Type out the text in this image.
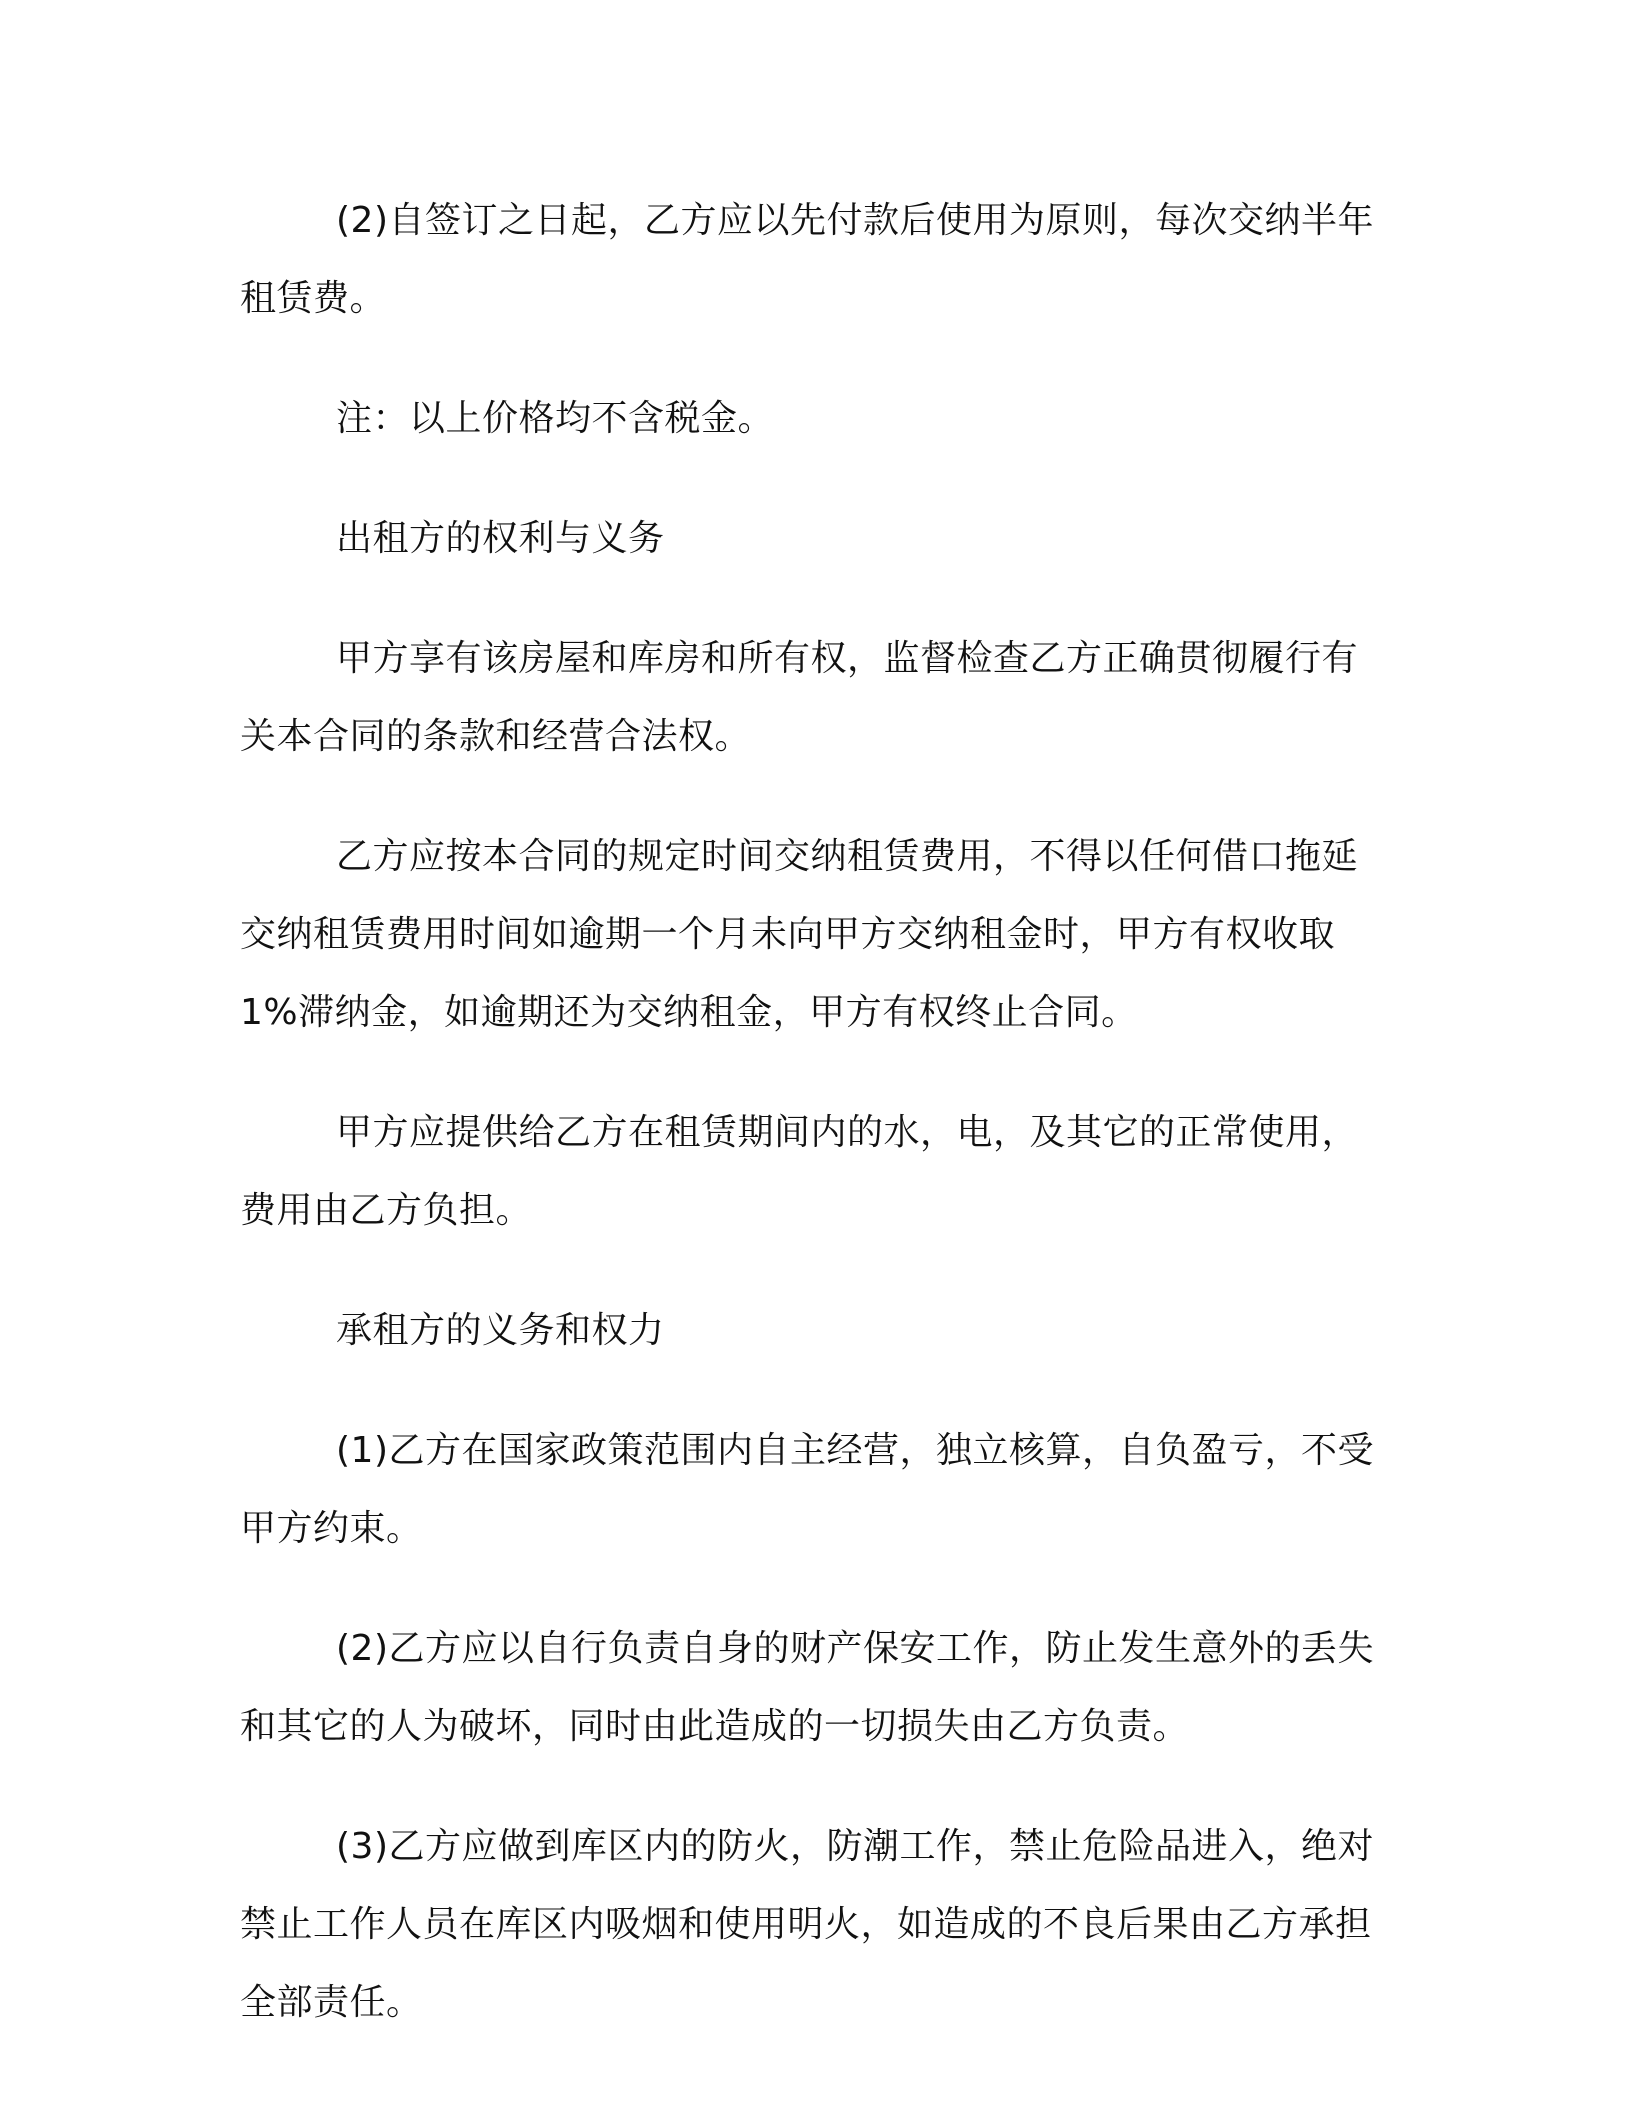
(2)自签订之日起，乙方应以先付款后使用为原则，每次交纳半年租赁费。

注：以上价格均不含税金。

出租方的权利与义务

甲方享有该房屋和库房和所有权，监督检查乙方正确贯彻履行有关本合同的条款和经营合法权。

乙方应按本合同的规定时间交纳租赁费用，不得以任何借口拖延交纳租赁费用时间如逾期一个月未向甲方交纳租金时，甲方有权收取1%滞纳金，如逾期还为交纳租金，甲方有权终止合同。

甲方应提供给乙方在租赁期间内的水，电，及其它的正常使用，费用由乙方负担。

承租方的义务和权力

(1)乙方在国家政策范围内自主经营，独立核算，自负盈亏，不受甲方约束。

(2)乙方应以自行负责自身的财产保安工作，防止发生意外的丢失和其它的人为破坏，同时由此造成的一切损失由乙方负责。

(3)乙方应做到库区内的防火，防潮工作，禁止危险品进入，绝对禁止工作人员在库区内吸烟和使用明火，如造成的不良后果由乙方承担全部责任。
